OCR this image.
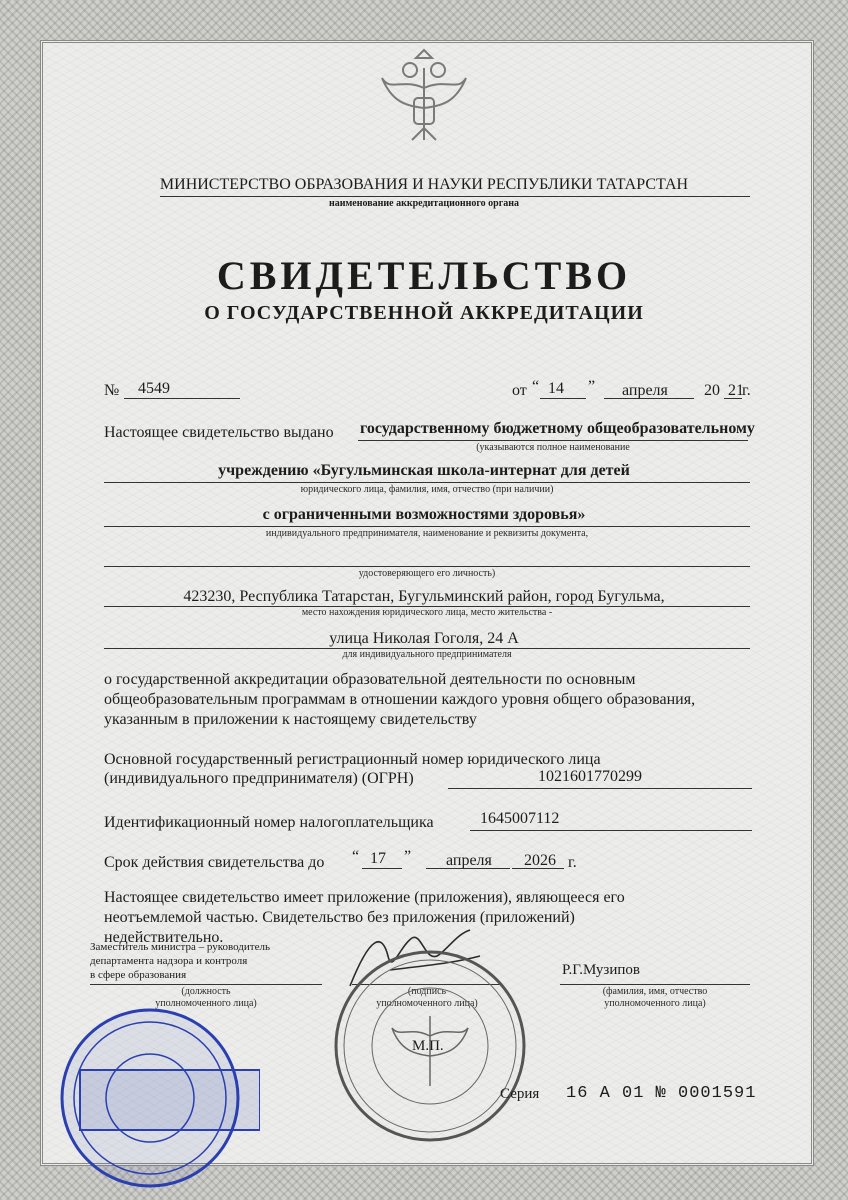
МИНИСТЕРСТВО ОБРАЗОВАНИЯ И НАУКИ РЕСПУБЛИКИ ТАТАРСТАН
наименование аккредитационного органа
СВИДЕТЕЛЬСТВО
О ГОСУДАРСТВЕННОЙ АККРЕДИТАЦИИ
№ 4549	от “ 14 ” апреля 20 21
г.
Настоящее свидетельство выдано государственному бюджетному общеобразовательному
(указываются полное наименование
учреждению «Бугульминская школа-интернат для детей
юридического лица, фамилия, имя, отчество (при наличии)
с ограниченными возможностями здоровья»
индивидуального предпринимателя, наименование и реквизиты документа,
удостоверяющего его личность)
423230, Республика Татарстан, Бугульминский район, город Бугульма,
место нахождения юридического лица, место жительства -
улица Николая Гоголя, 24 А
для индивидуального предпринимателя
о государственной аккредитации образовательной деятельности по основным
общеобразовательным программам в отношении каждого уровня общего образования,
указанным в приложении к настоящему свидетельству
Основной государственный регистрационный номер юридического лица
(индивидуального предпринимателя) (ОГРН)	1021601770299
Идентификационный номер налогоплательщика	1645007112
Срок действия свидетельства до “ 17 ” апреля 2026 г.
Настоящее свидетельство имеет приложение (приложения), являющееся его
неотъемлемой частью. Свидетельство без приложения (приложений)
недействительно.
Заместитель министра – руководитель
департамента надзора и контроля
в сфере образования
(должность
уполномоченного лица)
(подпись
уполномоченного лица)
Р.Г.Музипов
(фамилия, имя, отчество
уполномоченного лица)
М.П.
Серия 16 А 01 № 0001591
